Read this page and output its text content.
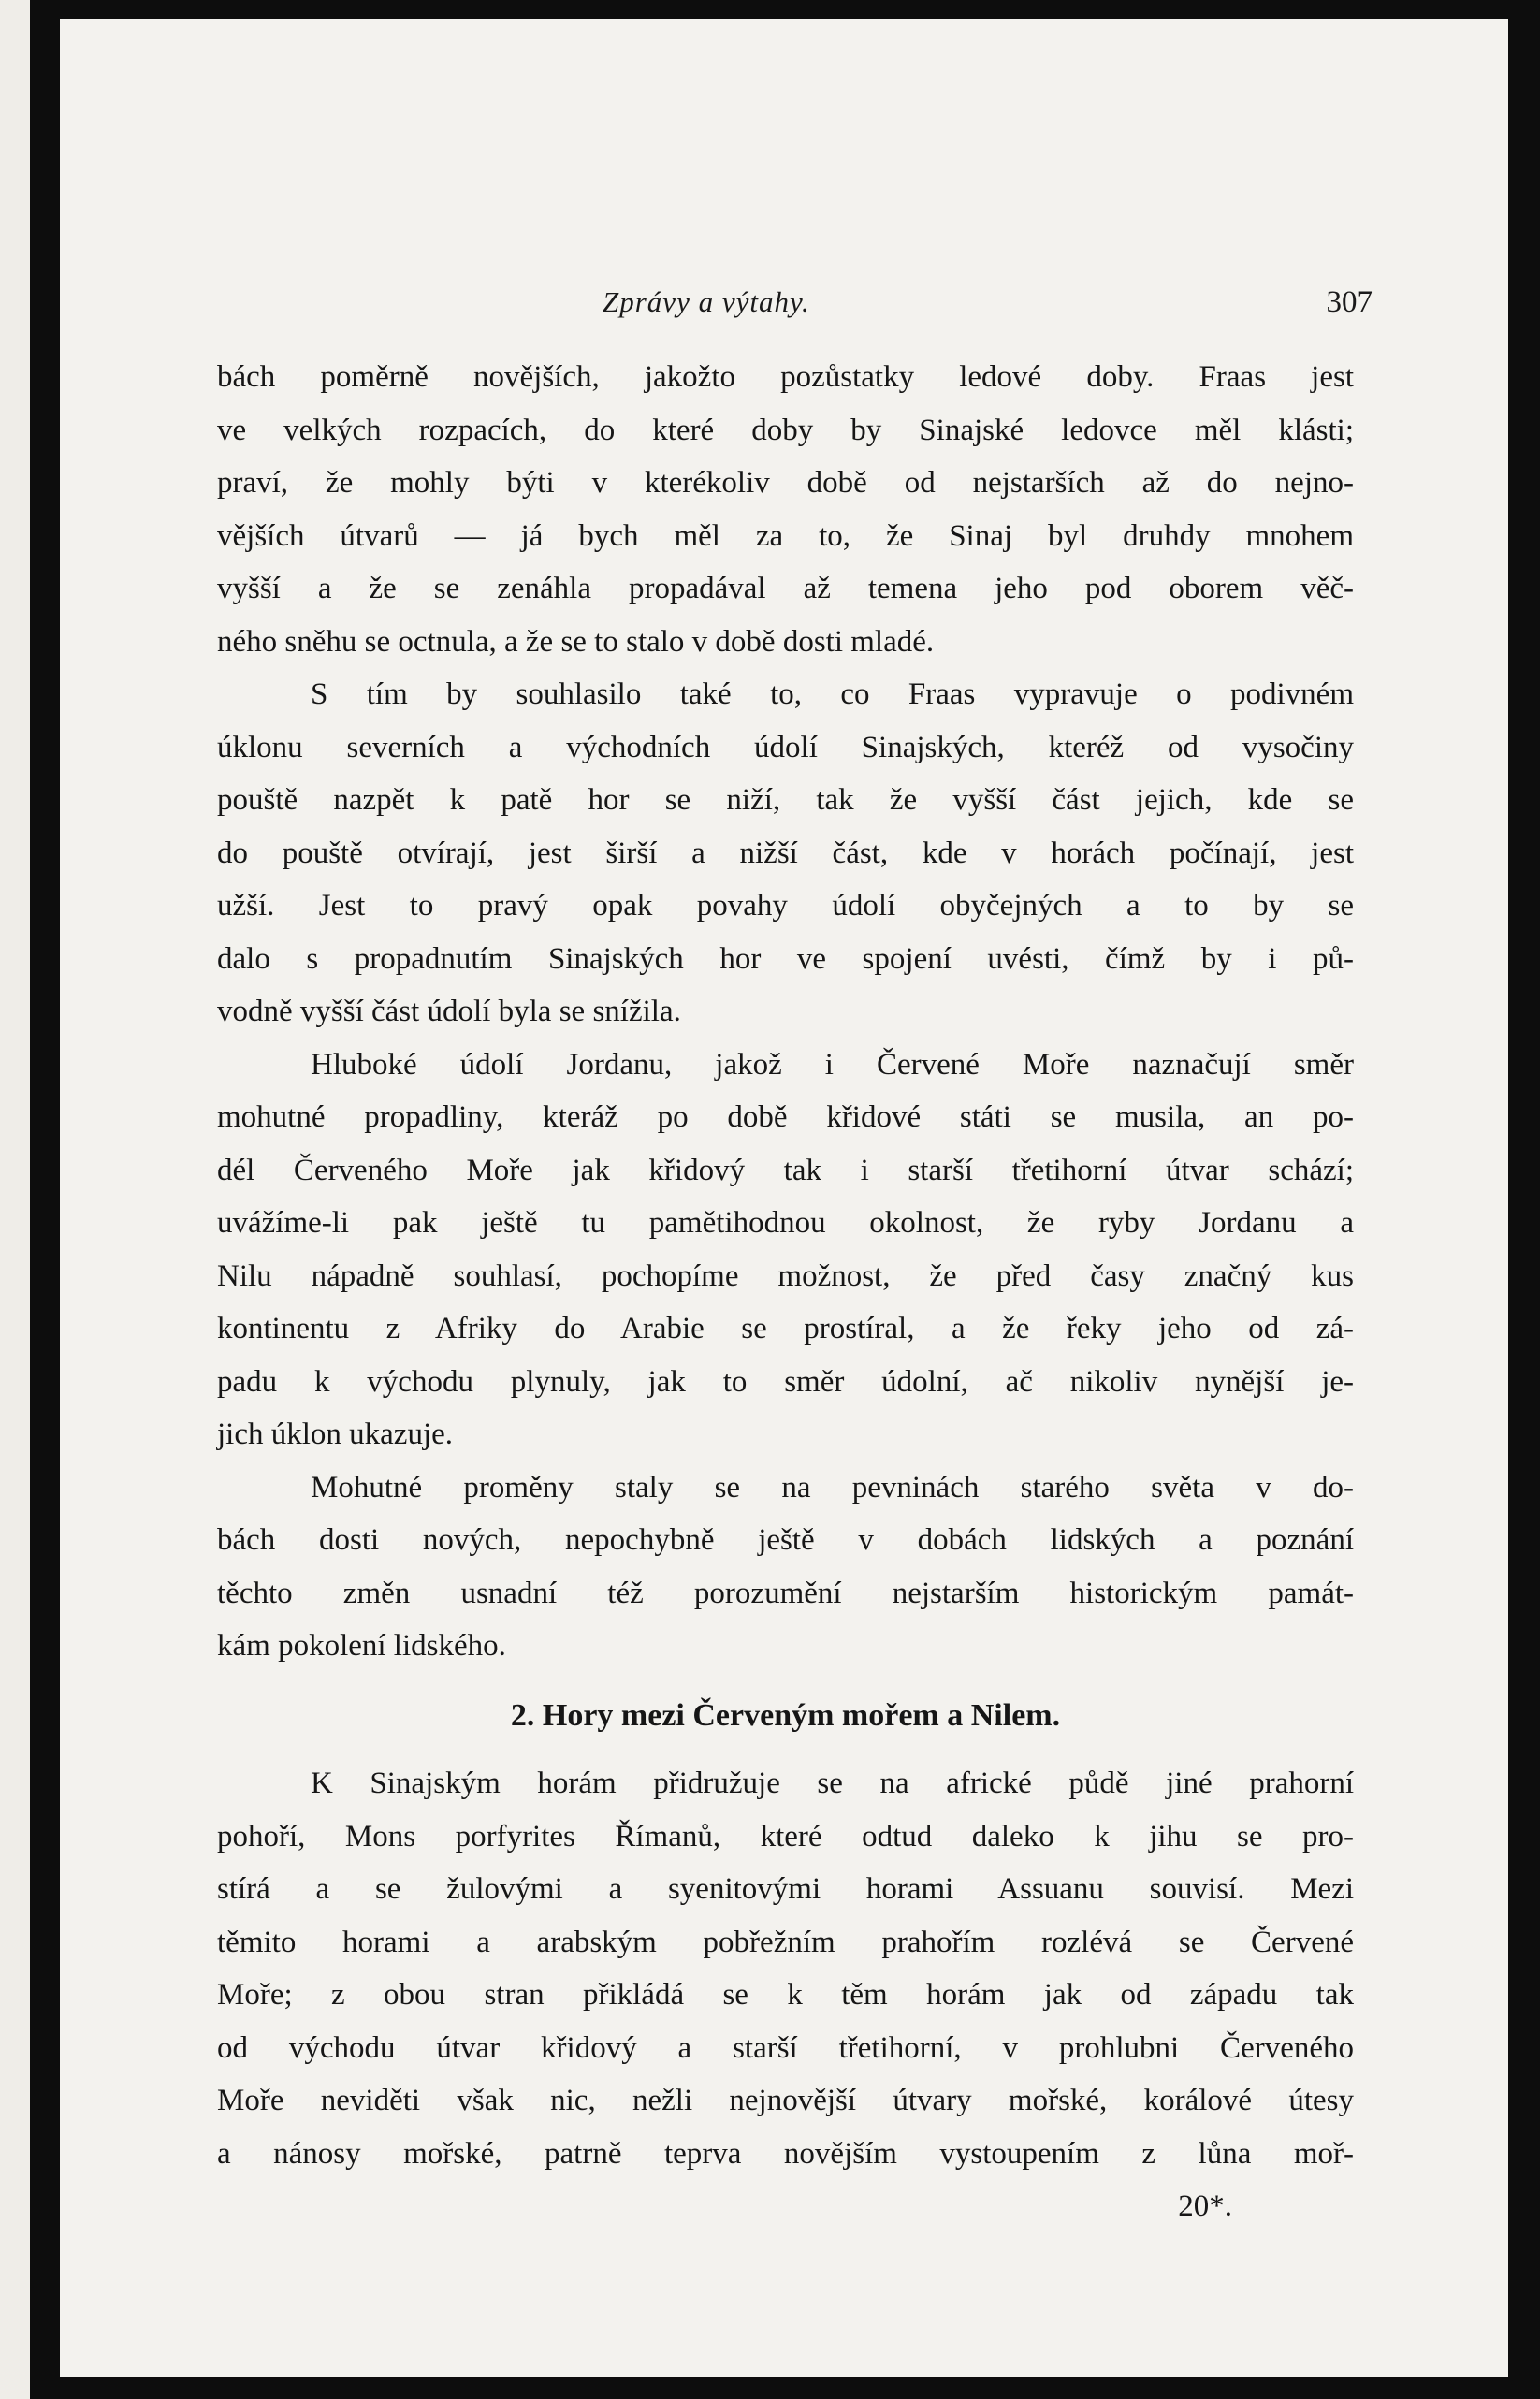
Zprávy a výtahy.	307

bách poměrně novějších, jakožto pozůstatky ledové doby. Fraas jest

ve velkých rozpacích, do které doby by Sinajské ledovce měl klásti;

praví, že mohly býti v kterékoliv době od nejstarších až do nejno-

vějších útvarů — já bych měl za to, že Sinaj byl druhdy mnohem

vyšší a že se zenáhla propadával až temena jeho pod oborem věč-

ného sněhu se octnula, a že se to stalo v době dosti mladé.

S tím by souhlasilo také to, co Fraas vypravuje o podivném

úklonu severních a východních údolí Sinajských, kteréž od vysočiny

pouště nazpět k patě hor se niží, tak že vyšší část jejich, kde se

do pouště otvírají, jest širší a nižší část, kde v horách počínají, jest

užší. Jest to pravý opak povahy údolí obyčejných a to by se

dalo s propadnutím Sinajských hor ve spojení uvésti, čímž by i pů-

vodně vyšší část údolí byla se snížila.

Hluboké údolí Jordanu, jakož i Červené Moře naznačují směr

mohutné propadliny, kteráž po době křidové státi se musila, an po-

dél Červeného Moře jak křidový tak i starší třetihorní útvar schází;

uvážíme-li pak ještě tu pamětihodnou okolnost, že ryby Jordanu a

Nilu nápadně souhlasí, pochopíme možnost, že před časy značný kus

kontinentu z Afriky do Arabie se prostíral, a že řeky jeho od zá-

padu k východu plynuly, jak to směr údolní, ač nikoliv nynější je-

jich úklon ukazuje.

Mohutné proměny staly se na pevninách starého světa v do-

bách dosti nových, nepochybně ještě v dobách lidských a poznání

těchto změn usnadní též porozumění nejstarším historickým památ-

kám pokolení lidského.

2. Hory mezi Červeným mořem a Nilem.

K Sinajským horám přidružuje se na africké půdě jiné prahorní

pohoří, Mons porfyrites Římanů, které odtud daleko k jihu se pro-

stírá a se žulovými a syenitovými horami Assuanu souvisí. Mezi

těmito horami a arabským pobřežním prahořím rozlévá se Červené

Moře; z obou stran přikládá se k těm horám jak od západu tak

od východu útvar křidový a starší třetihorní, v prohlubni Červeného

Moře neviděti však nic, nežli nejnovější útvary mořské, korálové útesy

a nánosy mořské, patrně teprva novějším vystoupením z lůna moř-

20*.
